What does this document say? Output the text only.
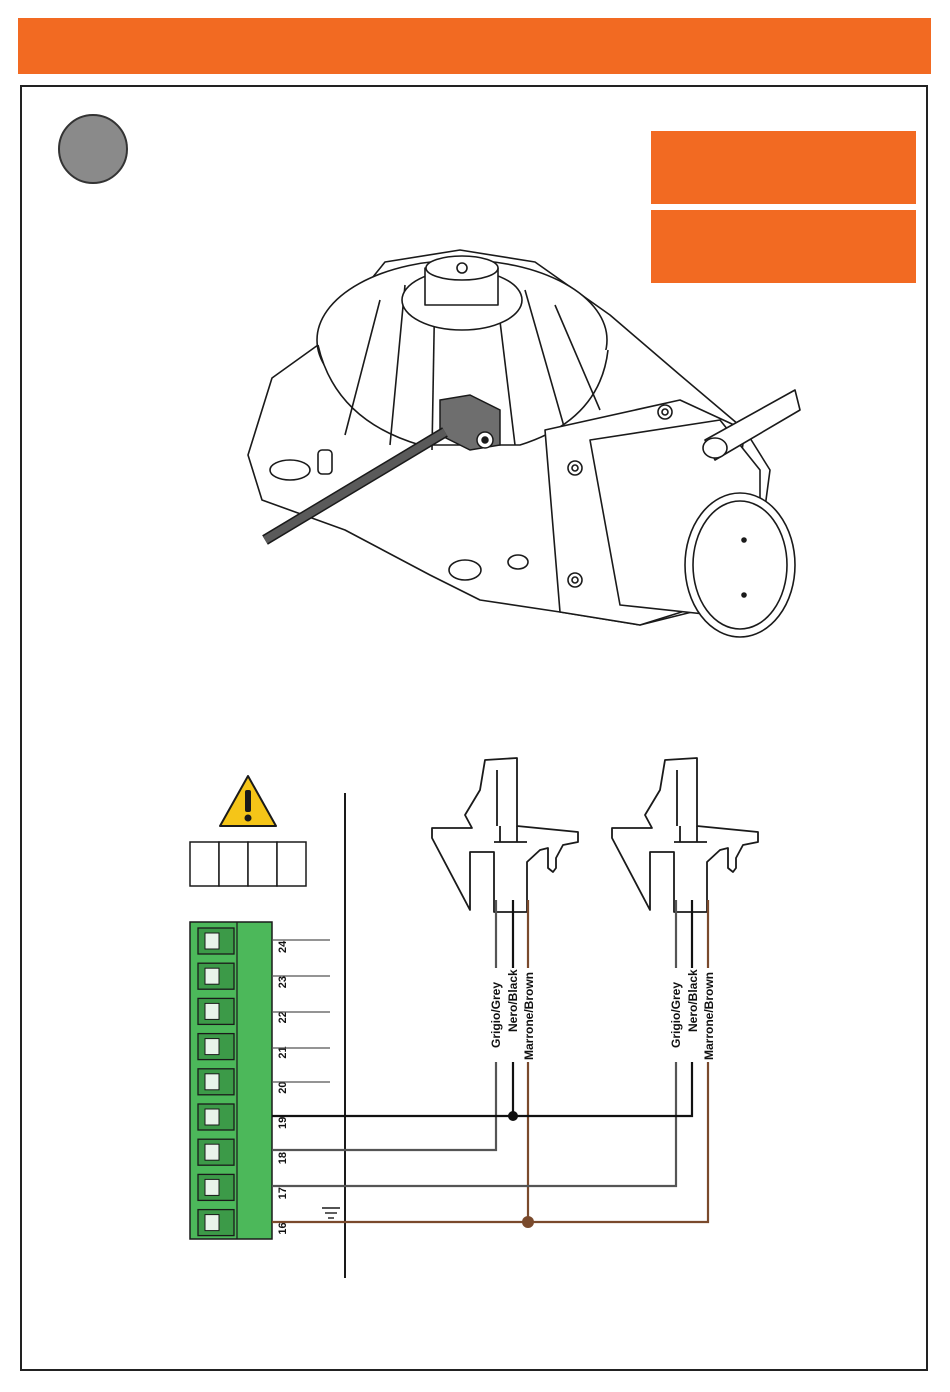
24
23
22
21
20
19
18
17
16
Grigio/Grey Nero/Black Marrone/Brown	Grigio/Grey Nero/Black Marrone/Brown
